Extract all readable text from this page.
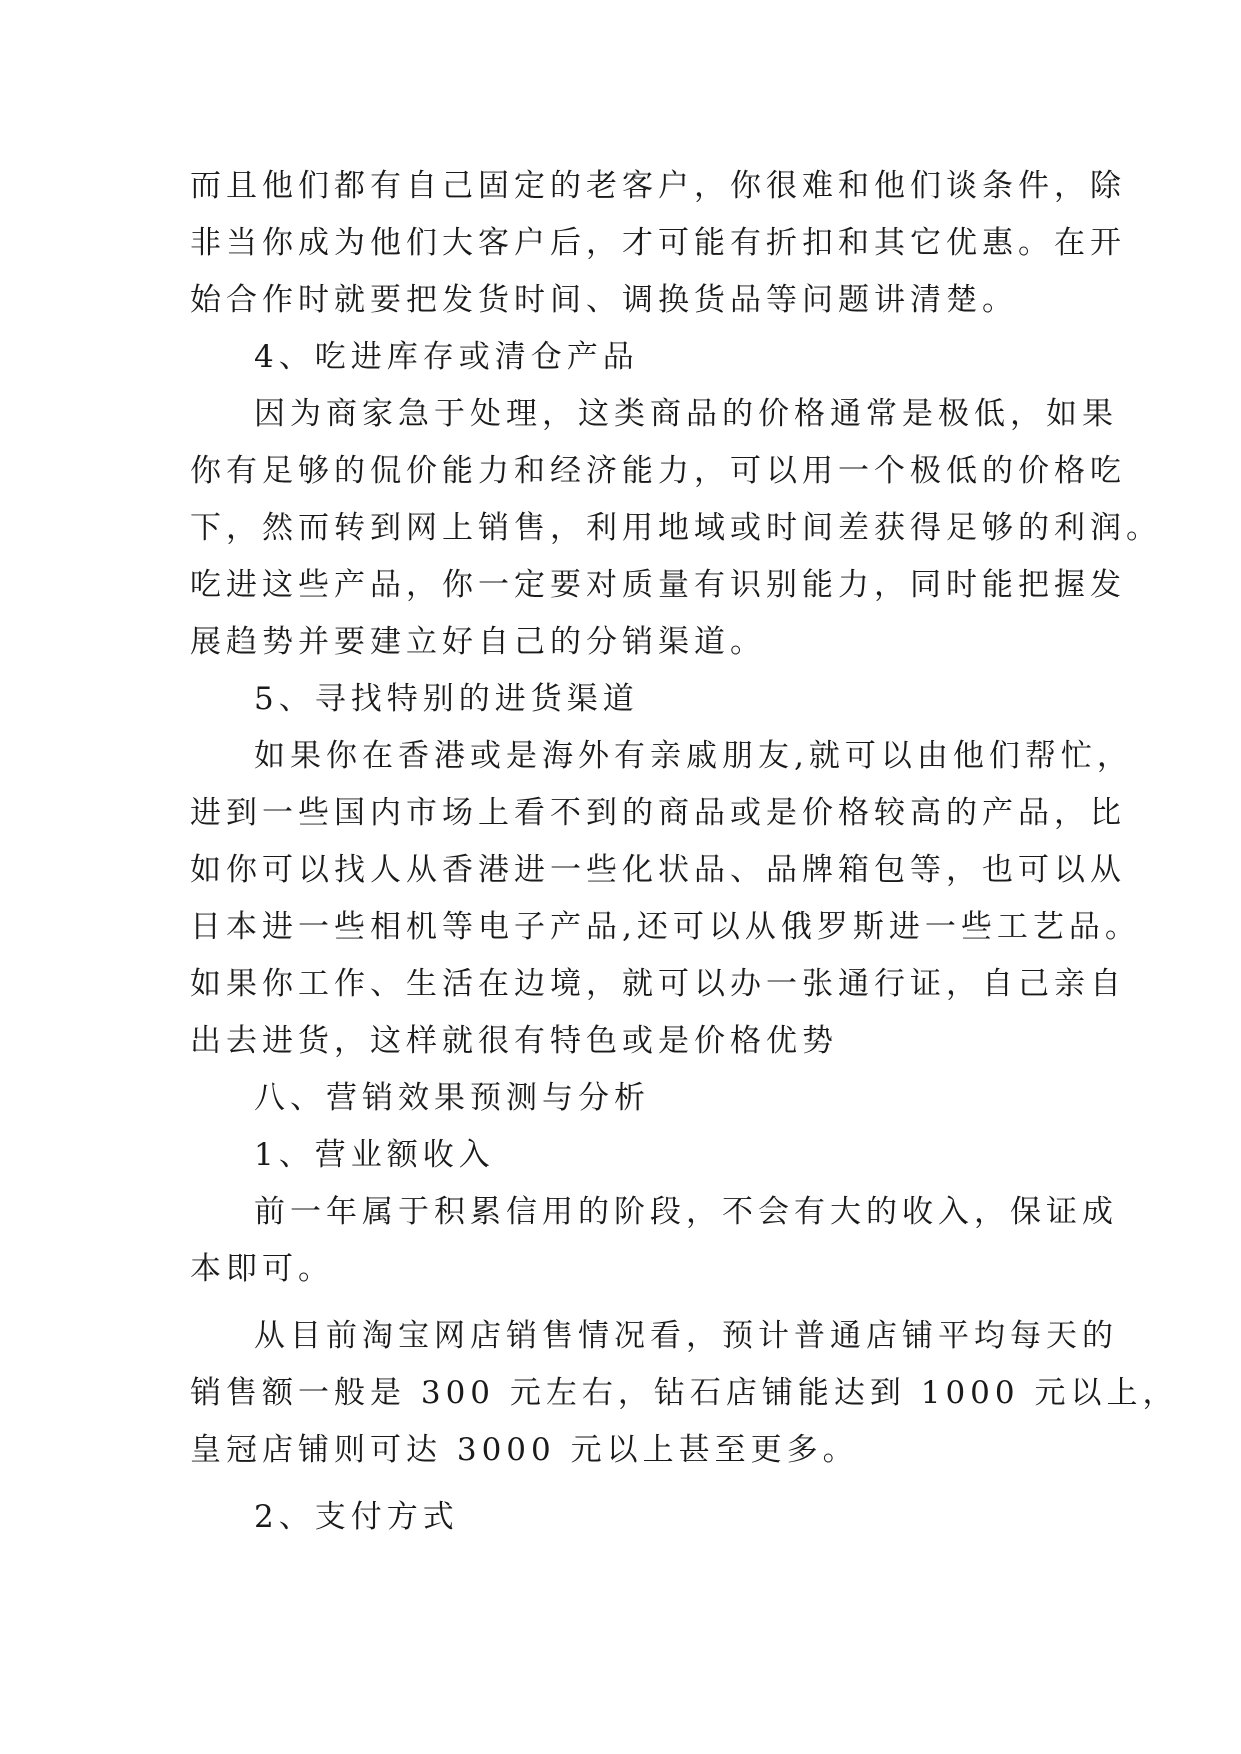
而且他们都有自己固定的老客户，你很难和他们谈条件，除
非当你成为他们大客户后，才可能有折扣和其它优惠。在开
始合作时就要把发货时间、调换货品等问题讲清楚。
4、吃进库存或清仓产品
因为商家急于处理，这类商品的价格通常是极低，如果
你有足够的侃价能力和经济能力，可以用一个极低的价格吃
下，然而转到网上销售，利用地域或时间差获得足够的利润。
吃进这些产品，你一定要对质量有识别能力，同时能把握发
展趋势并要建立好自己的分销渠道。
5、寻找特别的进货渠道
如果你在香港或是海外有亲戚朋友,就可以由他们帮忙，
进到一些国内市场上看不到的商品或是价格较高的产品，比
如你可以找人从香港进一些化状品、品牌箱包等，也可以从
日本进一些相机等电子产品,还可以从俄罗斯进一些工艺品。
如果你工作、生活在边境，就可以办一张通行证，自己亲自
出去进货，这样就很有特色或是价格优势
八、营销效果预测与分析
1、营业额收入
前一年属于积累信用的阶段，不会有大的收入，保证成
本即可。
从目前淘宝网店销售情况看，预计普通店铺平均每天的
销售额一般是 300 元左右，钻石店铺能达到 1000 元以上，
皇冠店铺则可达 3000 元以上甚至更多。
2、支付方式
